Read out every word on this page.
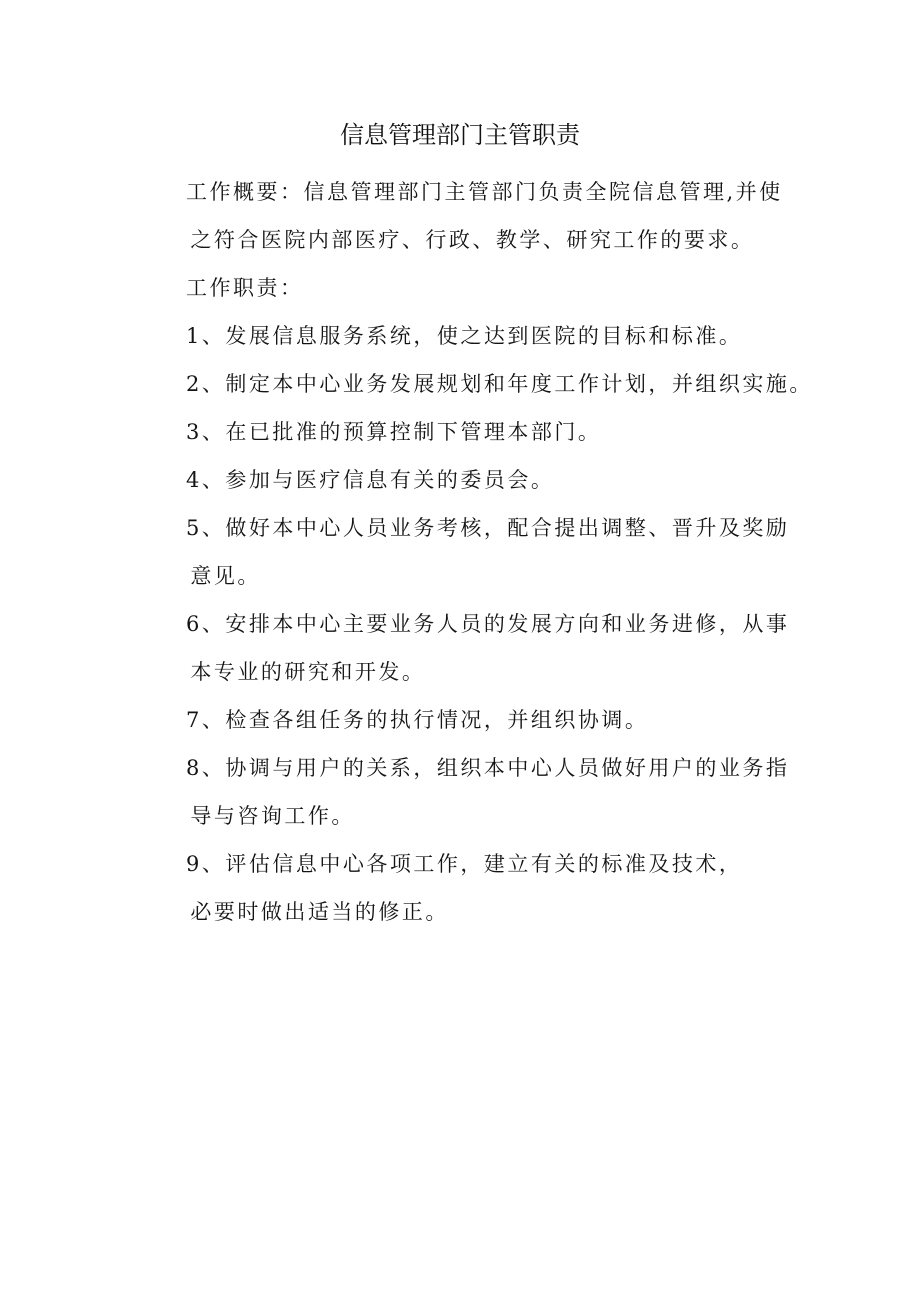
信息管理部门主管职责
工作概要：信息管理部门主管部门负责全院信息管理,并使
之符合医院内部医疗、行政、教学、研究工作的要求。
工作职责：
1、发展信息服务系统，使之达到医院的目标和标准。
2、制定本中心业务发展规划和年度工作计划，并组织实施。
3、在已批准的预算控制下管理本部门。
4、参加与医疗信息有关的委员会。
5、做好本中心人员业务考核，配合提出调整、晋升及奖励
意见。
6、安排本中心主要业务人员的发展方向和业务进修，从事
本专业的研究和开发。
7、检查各组任务的执行情况，并组织协调。
8、协调与用户的关系，组织本中心人员做好用户的业务指
导与咨询工作。
9、评估信息中心各项工作，建立有关的标准及技术，
必要时做出适当的修正。
